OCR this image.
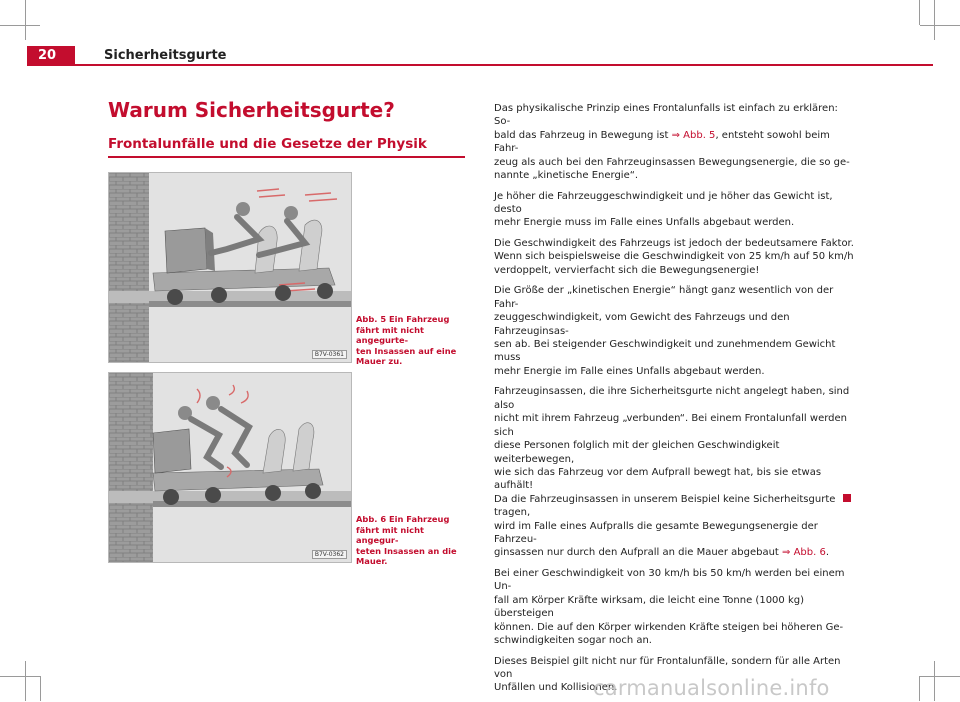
20	Sicherheitsgurte
Warum Sicherheitsgurte?
Frontalunfälle und die Gesetze der Physik
B7V-0361
Abb. 5 Ein Fahrzeug
fährt mit nicht angegurte-
ten Insassen auf eine
Mauer zu.
B7V-0362
Abb. 6 Ein Fahrzeug
fährt mit nicht angegur-
teten Insassen an die
Mauer.

Das physikalische Prinzip eines Frontalunfalls ist einfach zu erklären: So-
bald das Fahrzeug in Bewegung ist ⇒ Abb. 5, entsteht sowohl beim Fahr-
zeug als auch bei den Fahrzeuginsassen Bewegungsenergie, die so ge-
nannte „kinetische Energie“.

Je höher die Fahrzeuggeschwindigkeit und je höher das Gewicht ist, desto
mehr Energie muss im Falle eines Unfalls abgebaut werden.

Die Geschwindigkeit des Fahrzeugs ist jedoch der bedeutsamere Faktor.
Wenn sich beispielsweise die Geschwindigkeit von 25 km/h auf 50 km/h
verdoppelt, vervierfacht sich die Bewegungsenergie!

Die Größe der „kinetischen Energie“ hängt ganz wesentlich von der Fahr-
zeuggeschwindigkeit, vom Gewicht des Fahrzeugs und den Fahrzeuginsas-
sen ab. Bei steigender Geschwindigkeit und zunehmendem Gewicht muss
mehr Energie im Falle eines Unfalls abgebaut werden.

Fahrzeuginsassen, die ihre Sicherheitsgurte nicht angelegt haben, sind also
nicht mit ihrem Fahrzeug „verbunden“. Bei einem Frontalunfall werden sich
diese Personen folglich mit der gleichen Geschwindigkeit weiterbewegen,
wie sich das Fahrzeug vor dem Aufprall bewegt hat, bis sie etwas aufhält!
Da die Fahrzeuginsassen in unserem Beispiel keine Sicherheitsgurte tragen,
wird im Falle eines Aufpralls die gesamte Bewegungsenergie der Fahrzeu-
ginsassen nur durch den Aufprall an die Mauer abgebaut ⇒ Abb. 6.

Bei einer Geschwindigkeit von 30 km/h bis 50 km/h werden bei einem Un-
fall am Körper Kräfte wirksam, die leicht eine Tonne (1000 kg) übersteigen
können. Die auf den Körper wirkenden Kräfte steigen bei höheren Ge-
schwindigkeiten sogar noch an.

Dieses Beispiel gilt nicht nur für Frontalunfälle, sondern für alle Arten von
Unfällen und Kollisionen.

carmanualsonline.info
